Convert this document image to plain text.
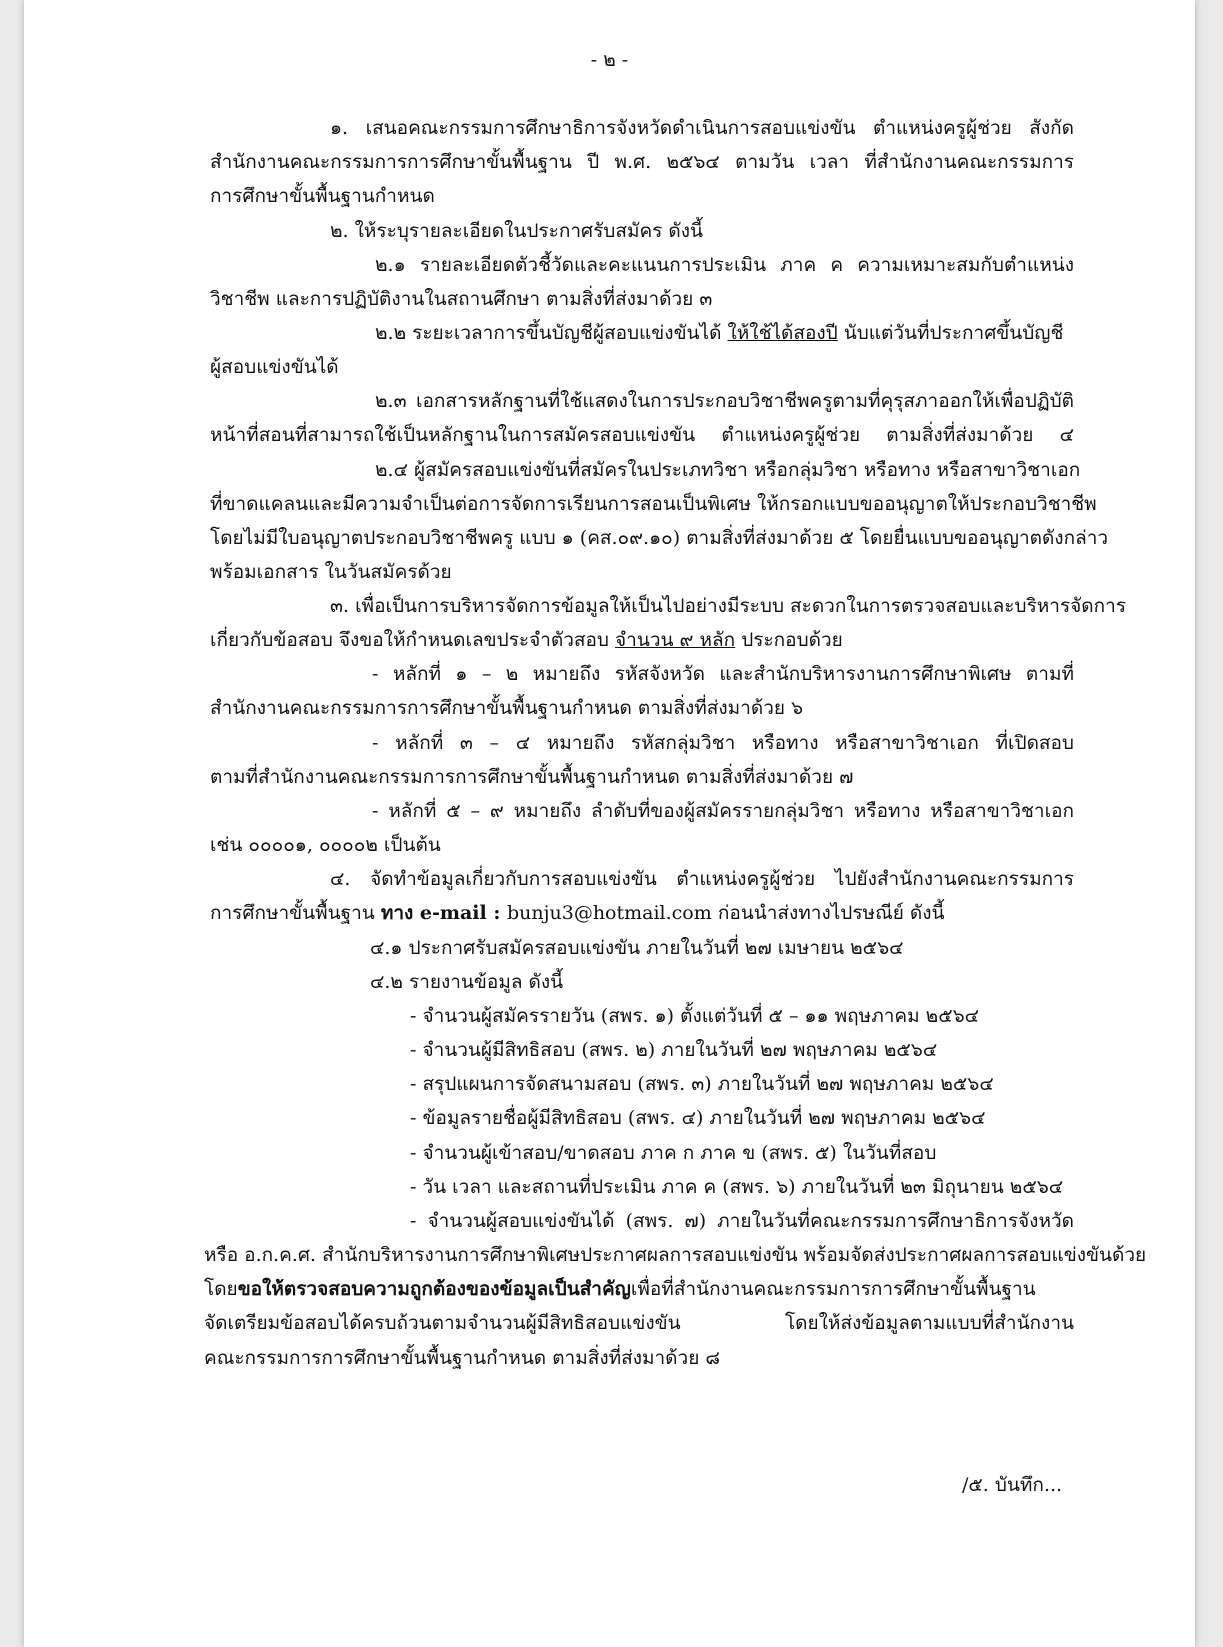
- ๒ -
๑. เสนอคณะกรรมการศึกษาธิการจังหวัดดำเนินการสอบแข่งขัน ตำแหน่งครูผู้ช่วย สังกัด
สำนักงานคณะกรรมการการศึกษาขั้นพื้นฐาน ปี พ.ศ. ๒๕๖๔ ตามวัน เวลา ที่สำนักงานคณะกรรมการ
การศึกษาขั้นพื้นฐานกำหนด
๒. ให้ระบุรายละเอียดในประกาศรับสมัคร ดังนี้
๒.๑ รายละเอียดตัวชี้วัดและคะแนนการประเมิน ภาค ค ความเหมาะสมกับตำแหน่ง
วิชาชีพ และการปฏิบัติงานในสถานศึกษา ตามสิ่งที่ส่งมาด้วย ๓
๒.๒ ระยะเวลาการขึ้นบัญชีผู้สอบแข่งขันได้ ให้ใช้ได้สองปี นับแต่วันที่ประกาศขึ้นบัญชี
ผู้สอบแข่งขันได้
๒.๓ เอกสารหลักฐานที่ใช้แสดงในการประกอบวิชาชีพครูตามที่คุรุสภาออกให้เพื่อปฏิบัติ
หน้าที่สอนที่สามารถใช้เป็นหลักฐานในการสมัครสอบแข่งขัน ตำแหน่งครูผู้ช่วย ตามสิ่งที่ส่งมาด้วย ๔
๒.๔ ผู้สมัครสอบแข่งขันที่สมัครในประเภทวิชา หรือกลุ่มวิชา หรือทาง หรือสาขาวิชาเอก
ที่ขาดแคลนและมีความจำเป็นต่อการจัดการเรียนการสอนเป็นพิเศษ ให้กรอกแบบขออนุญาตให้ประกอบวิชาชีพ
โดยไม่มีใบอนุญาตประกอบวิชาชีพครู แบบ ๑ (คส.๐๙.๑๐) ตามสิ่งที่ส่งมาด้วย ๕ โดยยื่นแบบขออนุญาตดังกล่าว
พร้อมเอกสาร ในวันสมัครด้วย
๓. เพื่อเป็นการบริหารจัดการข้อมูลให้เป็นไปอย่างมีระบบ สะดวกในการตรวจสอบและบริหารจัดการ
เกี่ยวกับข้อสอบ จึงขอให้กำหนดเลขประจำตัวสอบ จำนวน ๙ หลัก ประกอบด้วย
- หลักที่ ๑ – ๒ หมายถึง รหัสจังหวัด และสำนักบริหารงานการศึกษาพิเศษ ตามที่
สำนักงานคณะกรรมการการศึกษาขั้นพื้นฐานกำหนด ตามสิ่งที่ส่งมาด้วย ๖
- หลักที่ ๓ – ๔ หมายถึง รหัสกลุ่มวิชา หรือทาง หรือสาขาวิชาเอก ที่เปิดสอบ
ตามที่สำนักงานคณะกรรมการการศึกษาขั้นพื้นฐานกำหนด ตามสิ่งที่ส่งมาด้วย ๗
- หลักที่ ๕ – ๙ หมายถึง ลำดับที่ของผู้สมัครรายกลุ่มวิชา หรือทาง หรือสาขาวิชาเอก
เช่น ๐๐๐๐๑, ๐๐๐๐๒ เป็นต้น
๔. จัดทำข้อมูลเกี่ยวกับการสอบแข่งขัน ตำแหน่งครูผู้ช่วย ไปยังสำนักงานคณะกรรมการ
การศึกษาขั้นพื้นฐาน ทาง e-mail : bunju3@hotmail.com ก่อนนำส่งทางไปรษณีย์ ดังนี้
๔.๑ ประกาศรับสมัครสอบแข่งขัน ภายในวันที่ ๒๗ เมษายน ๒๕๖๔
๔.๒ รายงานข้อมูล ดังนี้
- จำนวนผู้สมัครรายวัน (สพร. ๑) ตั้งแต่วันที่ ๕ – ๑๑ พฤษภาคม ๒๕๖๔
- จำนวนผู้มีสิทธิสอบ (สพร. ๒) ภายในวันที่ ๒๗ พฤษภาคม ๒๕๖๔
- สรุปแผนการจัดสนามสอบ (สพร. ๓) ภายในวันที่ ๒๗ พฤษภาคม ๒๕๖๔
- ข้อมูลรายชื่อผู้มีสิทธิสอบ (สพร. ๔) ภายในวันที่ ๒๗ พฤษภาคม ๒๕๖๔
- จำนวนผู้เข้าสอบ/ขาดสอบ ภาค ก ภาค ข (สพร. ๕) ในวันที่สอบ
- วัน เวลา และสถานที่ประเมิน ภาค ค (สพร. ๖) ภายในวันที่ ๒๓ มิถุนายน ๒๕๖๔
- จำนวนผู้สอบแข่งขันได้ (สพร. ๗) ภายในวันที่คณะกรรมการศึกษาธิการจังหวัด
หรือ อ.ก.ค.ศ. สำนักบริหารงานการศึกษาพิเศษประกาศผลการสอบแข่งขัน พร้อมจัดส่งประกาศผลการสอบแข่งขันด้วย
โดยขอให้ตรวจสอบความถูกต้องของข้อมูลเป็นสำคัญเพื่อที่สำนักงานคณะกรรมการการศึกษาขั้นพื้นฐาน
จัดเตรียมข้อสอบได้ครบถ้วนตามจำนวนผู้มีสิทธิสอบแข่งขัน โดยให้ส่งข้อมูลตามแบบที่สำนักงาน
คณะกรรมการการศึกษาขั้นพื้นฐานกำหนด ตามสิ่งที่ส่งมาด้วย ๘
/๕. บันทึก...
